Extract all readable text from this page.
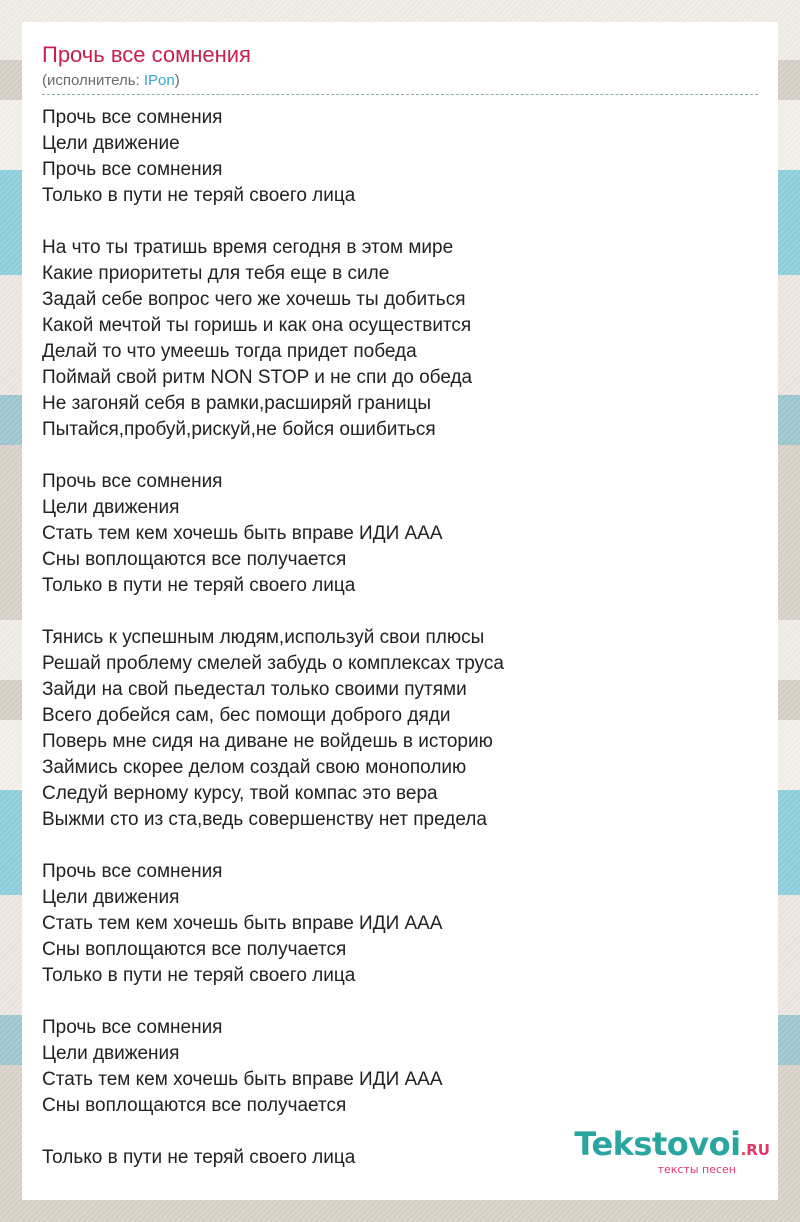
Прочь все сомнения
(исполнитель: IPon)
Прочь все сомнения
Цели движение
Прочь все сомнения
Только в пути не теряй своего лица
На что ты тратишь время сегодня в этом мире
Какие приоритеты для тебя еще в силе
Задай себе вопрос чего же хочешь ты добиться
Какой мечтой ты горишь и как она осуществится
Делай то что умеешь тогда придет победа
Поймай свой ритм NON STOP и не спи до обеда
Не загоняй себя в рамки,расширяй границы
Пытайся,пробуй,рискуй,не бойся ошибиться
Прочь все сомнения
Цели движения
Стать тем кем хочешь быть вправе ИДИ ААА
Сны воплощаются все получается
Только в пути не теряй своего лица
Тянись к успешным людям,используй свои плюсы
Решай проблему смелей забудь о комплексах труса
Зайди на свой пьедестал только своими путями
Всего добейся сам, бес помощи доброго дяди
Поверь мне сидя на диване не войдешь в историю
Займись скорее делом создай свою монополию
Следуй верному курсу, твой компас это вера
Выжми сто из ста,ведь совершенству нет предела
Прочь все сомнения
Цели движения
Стать тем кем хочешь быть вправе ИДИ ААА
Сны воплощаются все получается
Только в пути не теряй своего лица
Прочь все сомнения
Цели движения
Стать тем кем хочешь быть вправе ИДИ ААА
Сны воплощаются все получается
Только в пути не теряй своего лица	Tekstovoi.RU
тексты песен
